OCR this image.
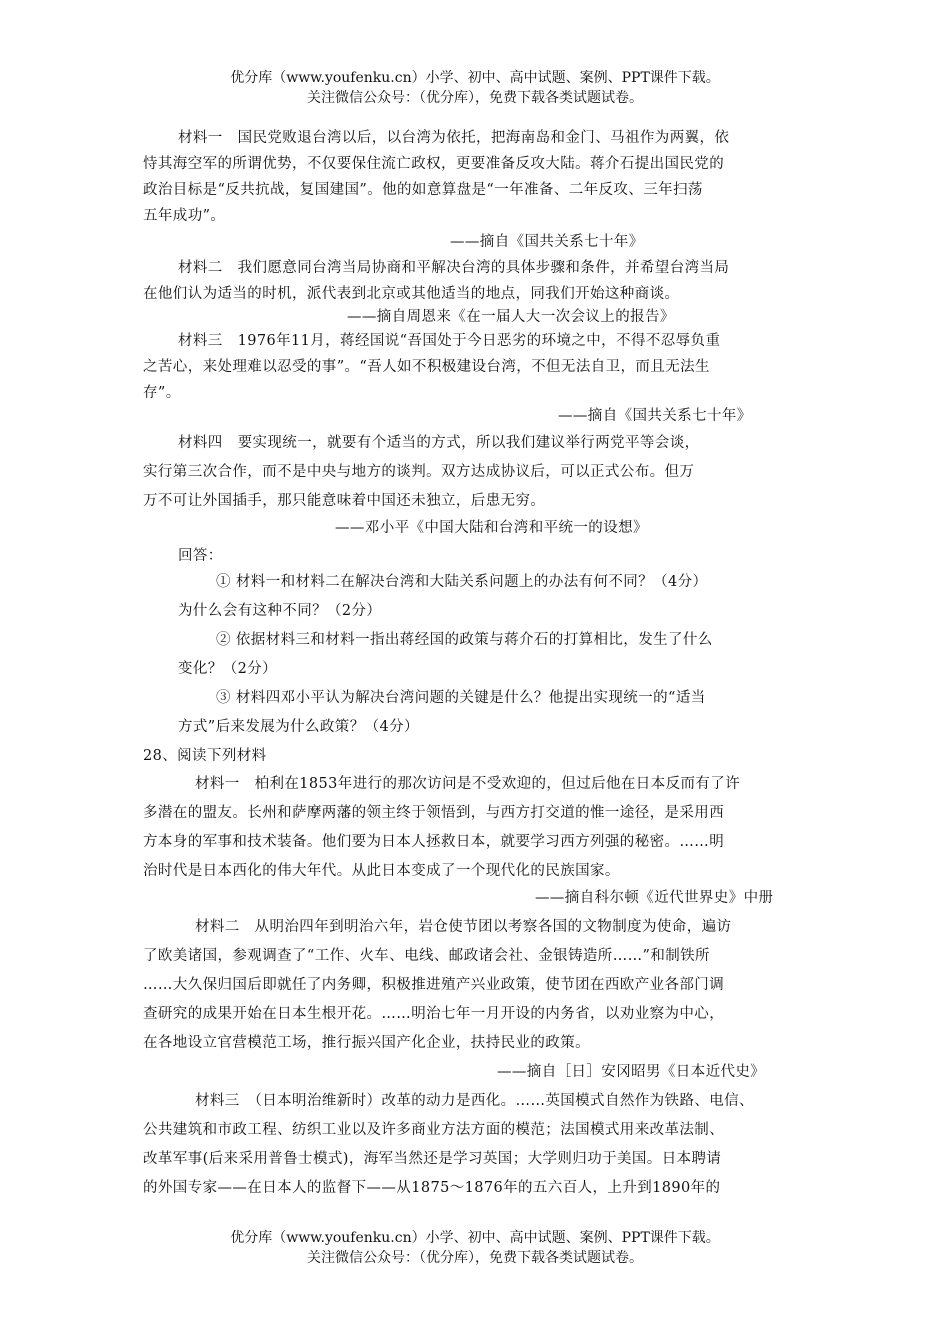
优分库（www.youfenku.cn）小学、初中、高中试题、案例、PPT课件下载。
关注微信公众号：（优分库），免费下载各类试题试卷。
材料一　国民党败退台湾以后，以台湾为依托，把海南岛和金门、马祖作为两翼，依
恃其海空军的所谓优势，不仅要保住流亡政权，更要准备反攻大陆。蒋介石提出国民党的
政治目标是“反共抗战，复国建国”。他的如意算盘是“一年准备、二年反攻、三年扫荡
五年成功”。
——摘自《国共关系七十年》
材料二　我们愿意同台湾当局协商和平解决台湾的具体步骤和条件，并希望台湾当局
在他们认为适当的时机，派代表到北京或其他适当的地点，同我们开始这种商谈。
——摘自周恩来《在一届人大一次会议上的报告》
材料三　1976年11月，蒋经国说“吾国处于今日恶劣的环境之中，不得不忍辱负重
之苦心，来处理难以忍受的事”。“吾人如不积极建设台湾，不但无法自卫，而且无法生
存”。
——摘自《国共关系七十年》
材料四　要实现统一，就要有个适当的方式，所以我们建议举行两党平等会谈，
实行第三次合作，而不是中央与地方的谈判。双方达成协议后，可以正式公布。但万
万不可让外国插手，那只能意味着中国还未独立，后患无穷。
——邓小平《中国大陆和台湾和平统一的设想》
回答：
① 材料一和材料二在解决台湾和大陆关系问题上的办法有何不同？（4分）
为什么会有这种不同？（2分）
② 依据材料三和材料一指出蒋经国的政策与蒋介石的打算相比，发生了什么
变化？（2分）
③ 材料四邓小平认为解决台湾问题的关键是什么？他提出实现统一的“适当
方式”后来发展为什么政策？（4分）
28、阅读下列材料
材料一　柏利在1853年进行的那次访问是不受欢迎的，但过后他在日本反而有了许
多潜在的盟友。长州和萨摩两藩的领主终于领悟到，与西方打交道的惟一途径，是采用西
方本身的军事和技术装备。他们要为日本人拯救日本，就要学习西方列强的秘密。……明
治时代是日本西化的伟大年代。从此日本变成了一个现代化的民族国家。
——摘自科尔顿《近代世界史》中册
材料二　从明治四年到明治六年，岩仓使节团以考察各国的文物制度为使命，遍访
了欧美诸国，参观调查了“工作、火车、电线、邮政诸会社、金银铸造所……”和制铁所
……大久保归国后即就任了内务卿，积极推进殖产兴业政策，使节团在西欧产业各部门调
查研究的成果开始在日本生根开花。……明治七年一月开设的内务省，以劝业察为中心，
在各地设立官营模范工场，推行振兴国产化企业，扶持民业的政策。
——摘自［日］安冈昭男《日本近代史》
材料三　（日本明治维新时）改革的动力是西化。……英国模式自然作为铁路、电信、
公共建筑和市政工程、纺织工业以及许多商业方法方面的模范；法国模式用来改革法制、
改革军事(后来采用普鲁士模式)，海军当然还是学习英国；大学则归功于美国。日本聘请
的外国专家——在日本人的监督下——从1875～1876年的五六百人，上升到1890年的
优分库（www.youfenku.cn）小学、初中、高中试题、案例、PPT课件下载。
关注微信公众号：（优分库），免费下载各类试题试卷。
